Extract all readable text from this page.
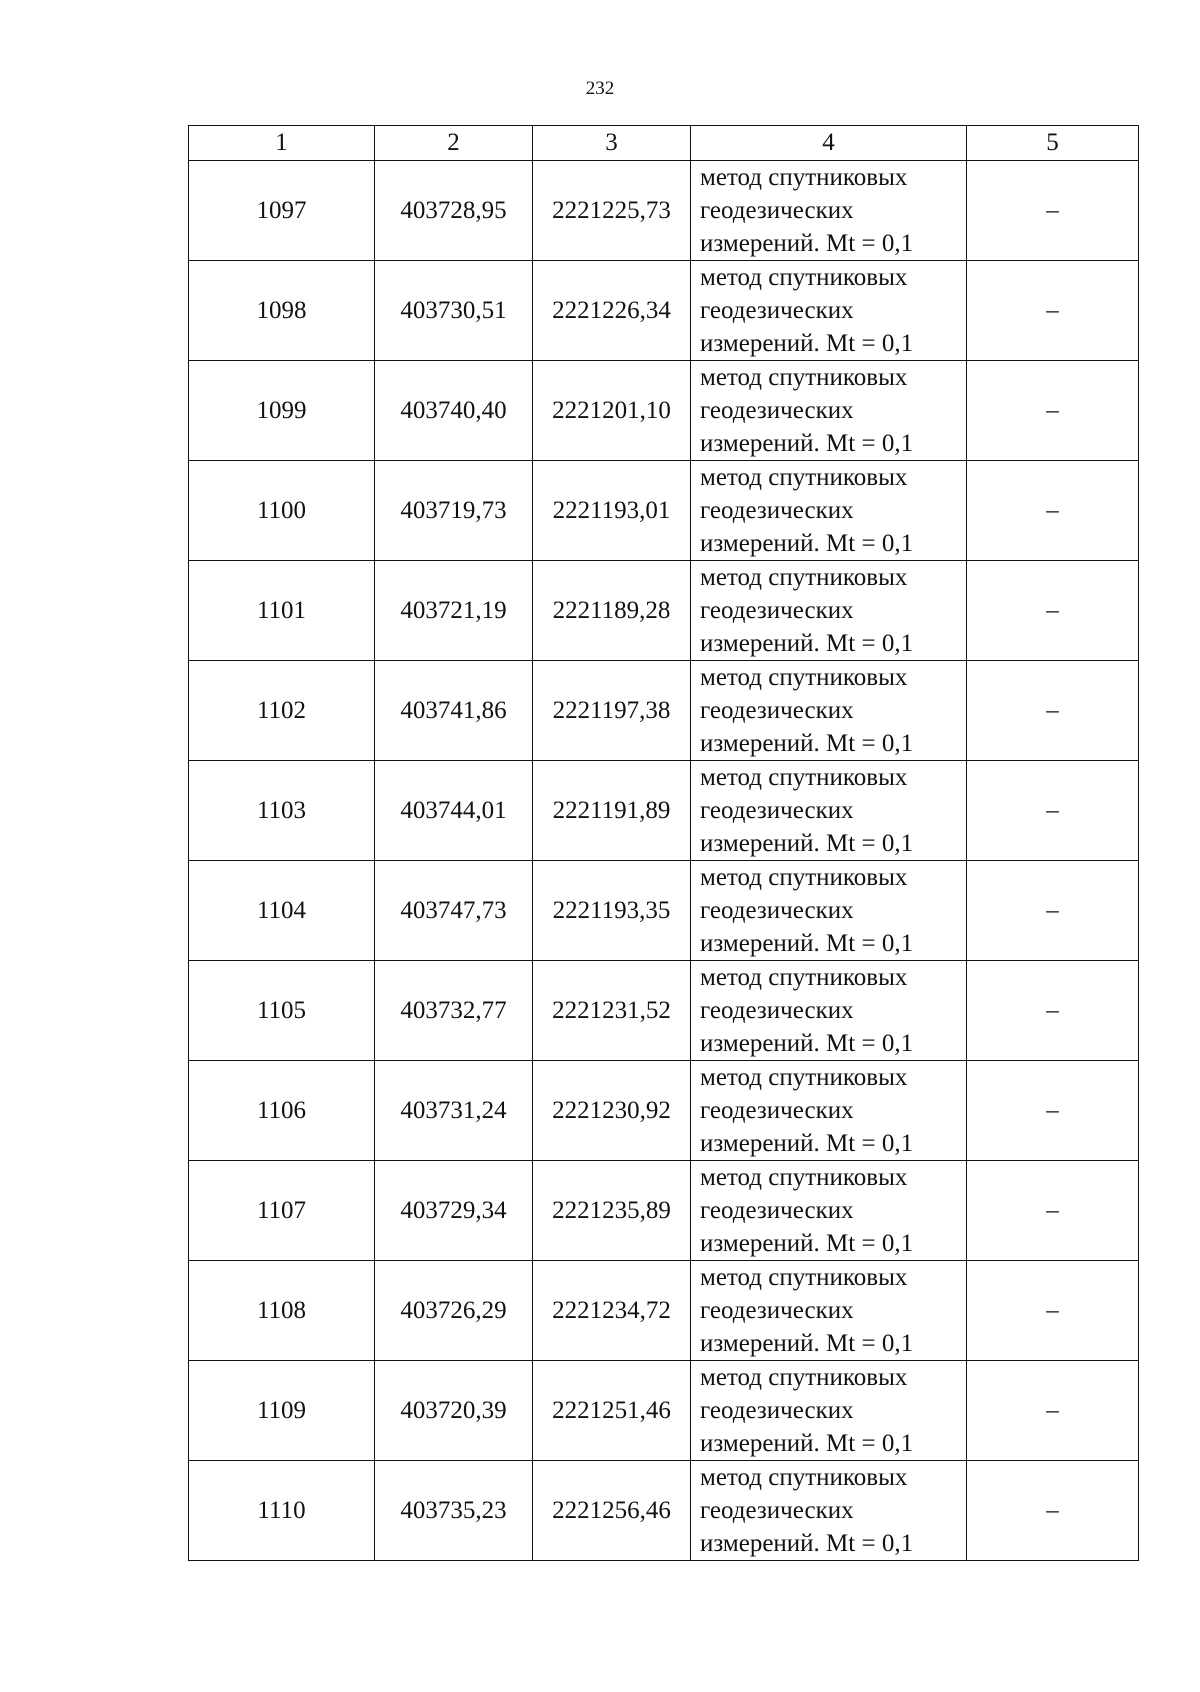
232
1	2	3	4	5
1097	403728,95	2221225,73	метод спутниковых
геодезических
измерений. Mt = 0,1	–
1098	403730,51	2221226,34	метод спутниковых
геодезических
измерений. Mt = 0,1	–
1099	403740,40	2221201,10	метод спутниковых
геодезических
измерений. Mt = 0,1	–
1100	403719,73	2221193,01	метод спутниковых
геодезических
измерений. Mt = 0,1	–
1101	403721,19	2221189,28	метод спутниковых
геодезических
измерений. Mt = 0,1	–
1102	403741,86	2221197,38	метод спутниковых
геодезических
измерений. Mt = 0,1	–
1103	403744,01	2221191,89	метод спутниковых
геодезических
измерений. Mt = 0,1	–
1104	403747,73	2221193,35	метод спутниковых
геодезических
измерений. Mt = 0,1	–
1105	403732,77	2221231,52	метод спутниковых
геодезических
измерений. Mt = 0,1	–
1106	403731,24	2221230,92	метод спутниковых
геодезических
измерений. Mt = 0,1	–
1107	403729,34	2221235,89	метод спутниковых
геодезических
измерений. Mt = 0,1	–
1108	403726,29	2221234,72	метод спутниковых
геодезических
измерений. Mt = 0,1	–
1109	403720,39	2221251,46	метод спутниковых
геодезических
измерений. Mt = 0,1	–
1110	403735,23	2221256,46	метод спутниковых
геодезических
измерений. Mt = 0,1	–
